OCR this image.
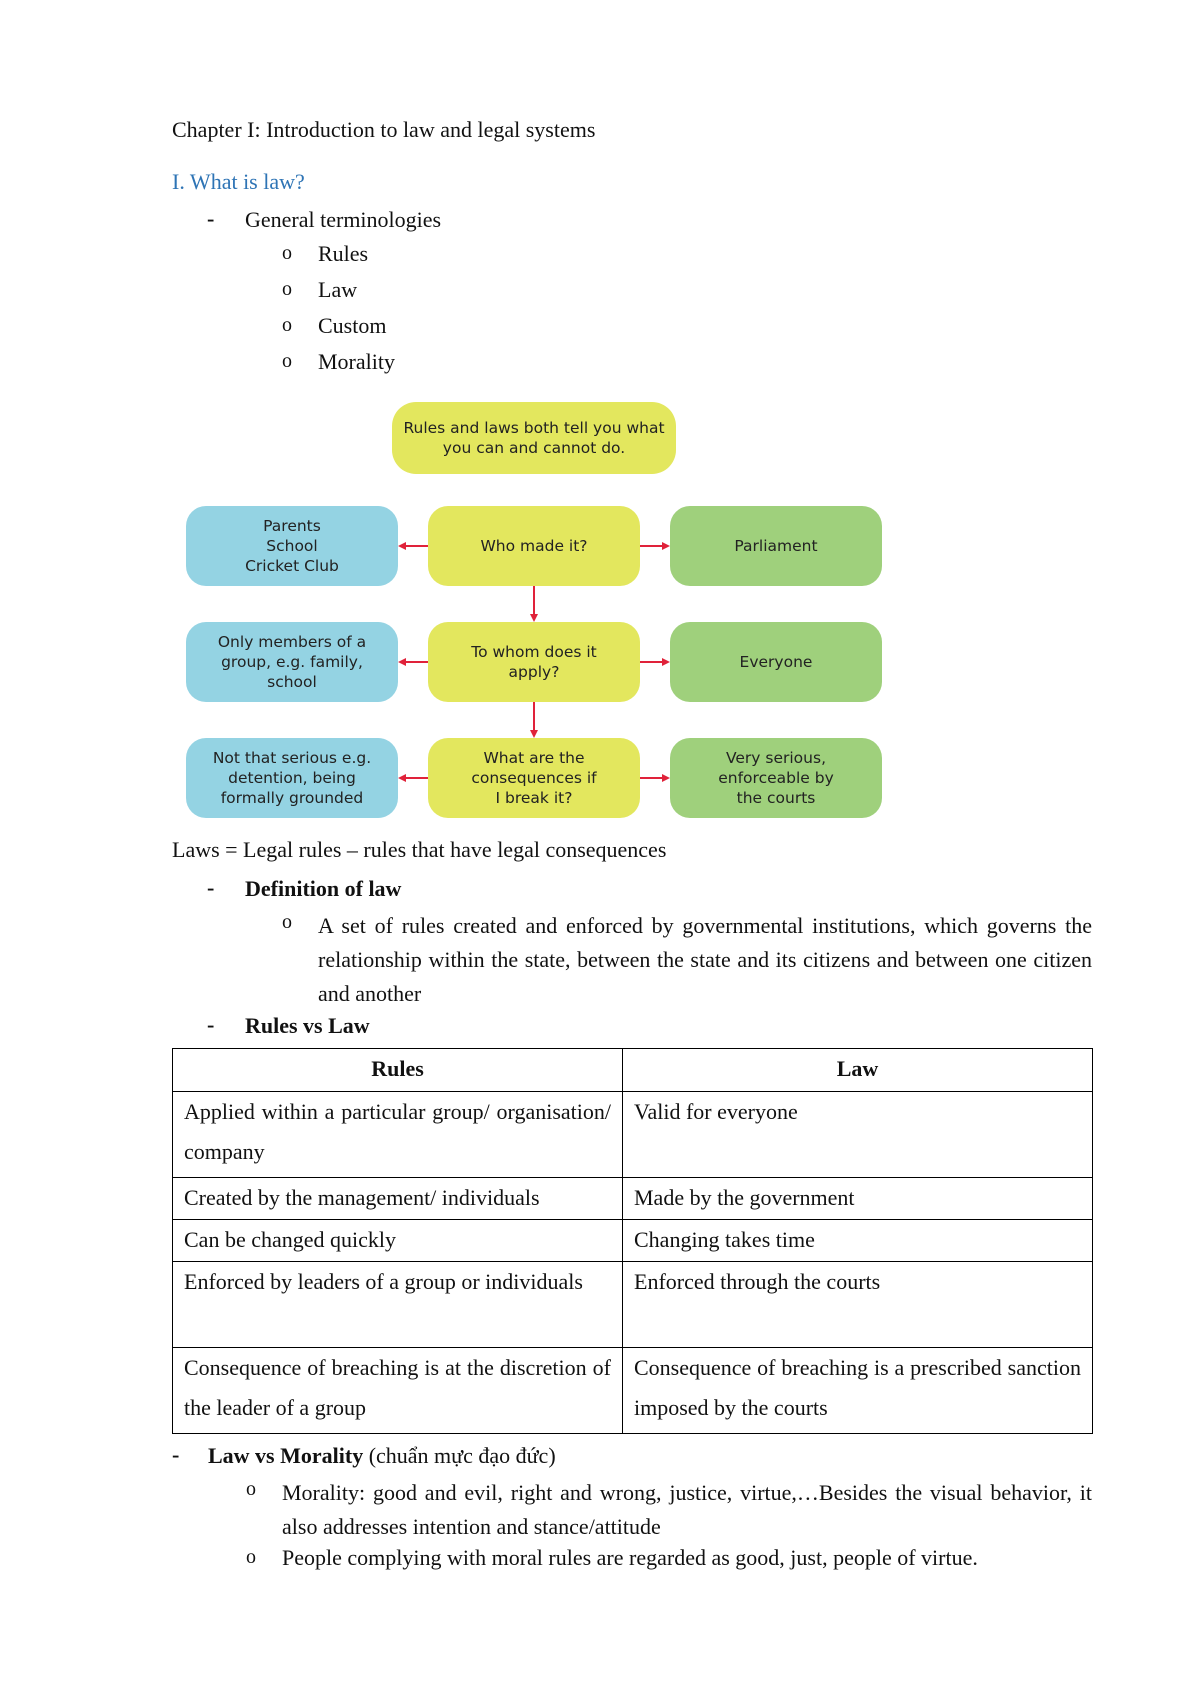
Chapter I: Introduction to law and legal systems
I. What is law?
- General terminologies
o Rules
o Law
o Custom
o Morality
Rules and laws both tell you what you can and cannot do.
Parents
School
Cricket Club
Who made it?	Parliament
Only members of a group, e.g. family, school
To whom does it apply?
Everyone
Not that serious e.g. detention, being formally grounded
What are the consequences if I break it?
Very serious, enforceable by the courts
Laws = Legal rules – rules that have legal consequences
- Definition of law
o A set of rules created and enforced by governmental institutions, which governs the relationship within the state, between the state and its citizens and between one citizen and another
- Rules vs Law
Rules	Law
Applied within a particular group/ organisation/ company	Valid for everyone
Created by the management/ individuals	Made by the government
Can be changed quickly	Changing takes time
Enforced by leaders of a group or individuals	Enforced through the courts
Consequence of breaching is at the discretion of the leader of a group	Consequence of breaching is a prescribed sanction imposed by the courts
- Law vs Morality (chuẩn mực đạo đức)
o Morality: good and evil, right and wrong, justice, virtue,…Besides the visual behavior, it also addresses intention and stance/attitude
o People complying with moral rules are regarded as good, just, people of virtue.
